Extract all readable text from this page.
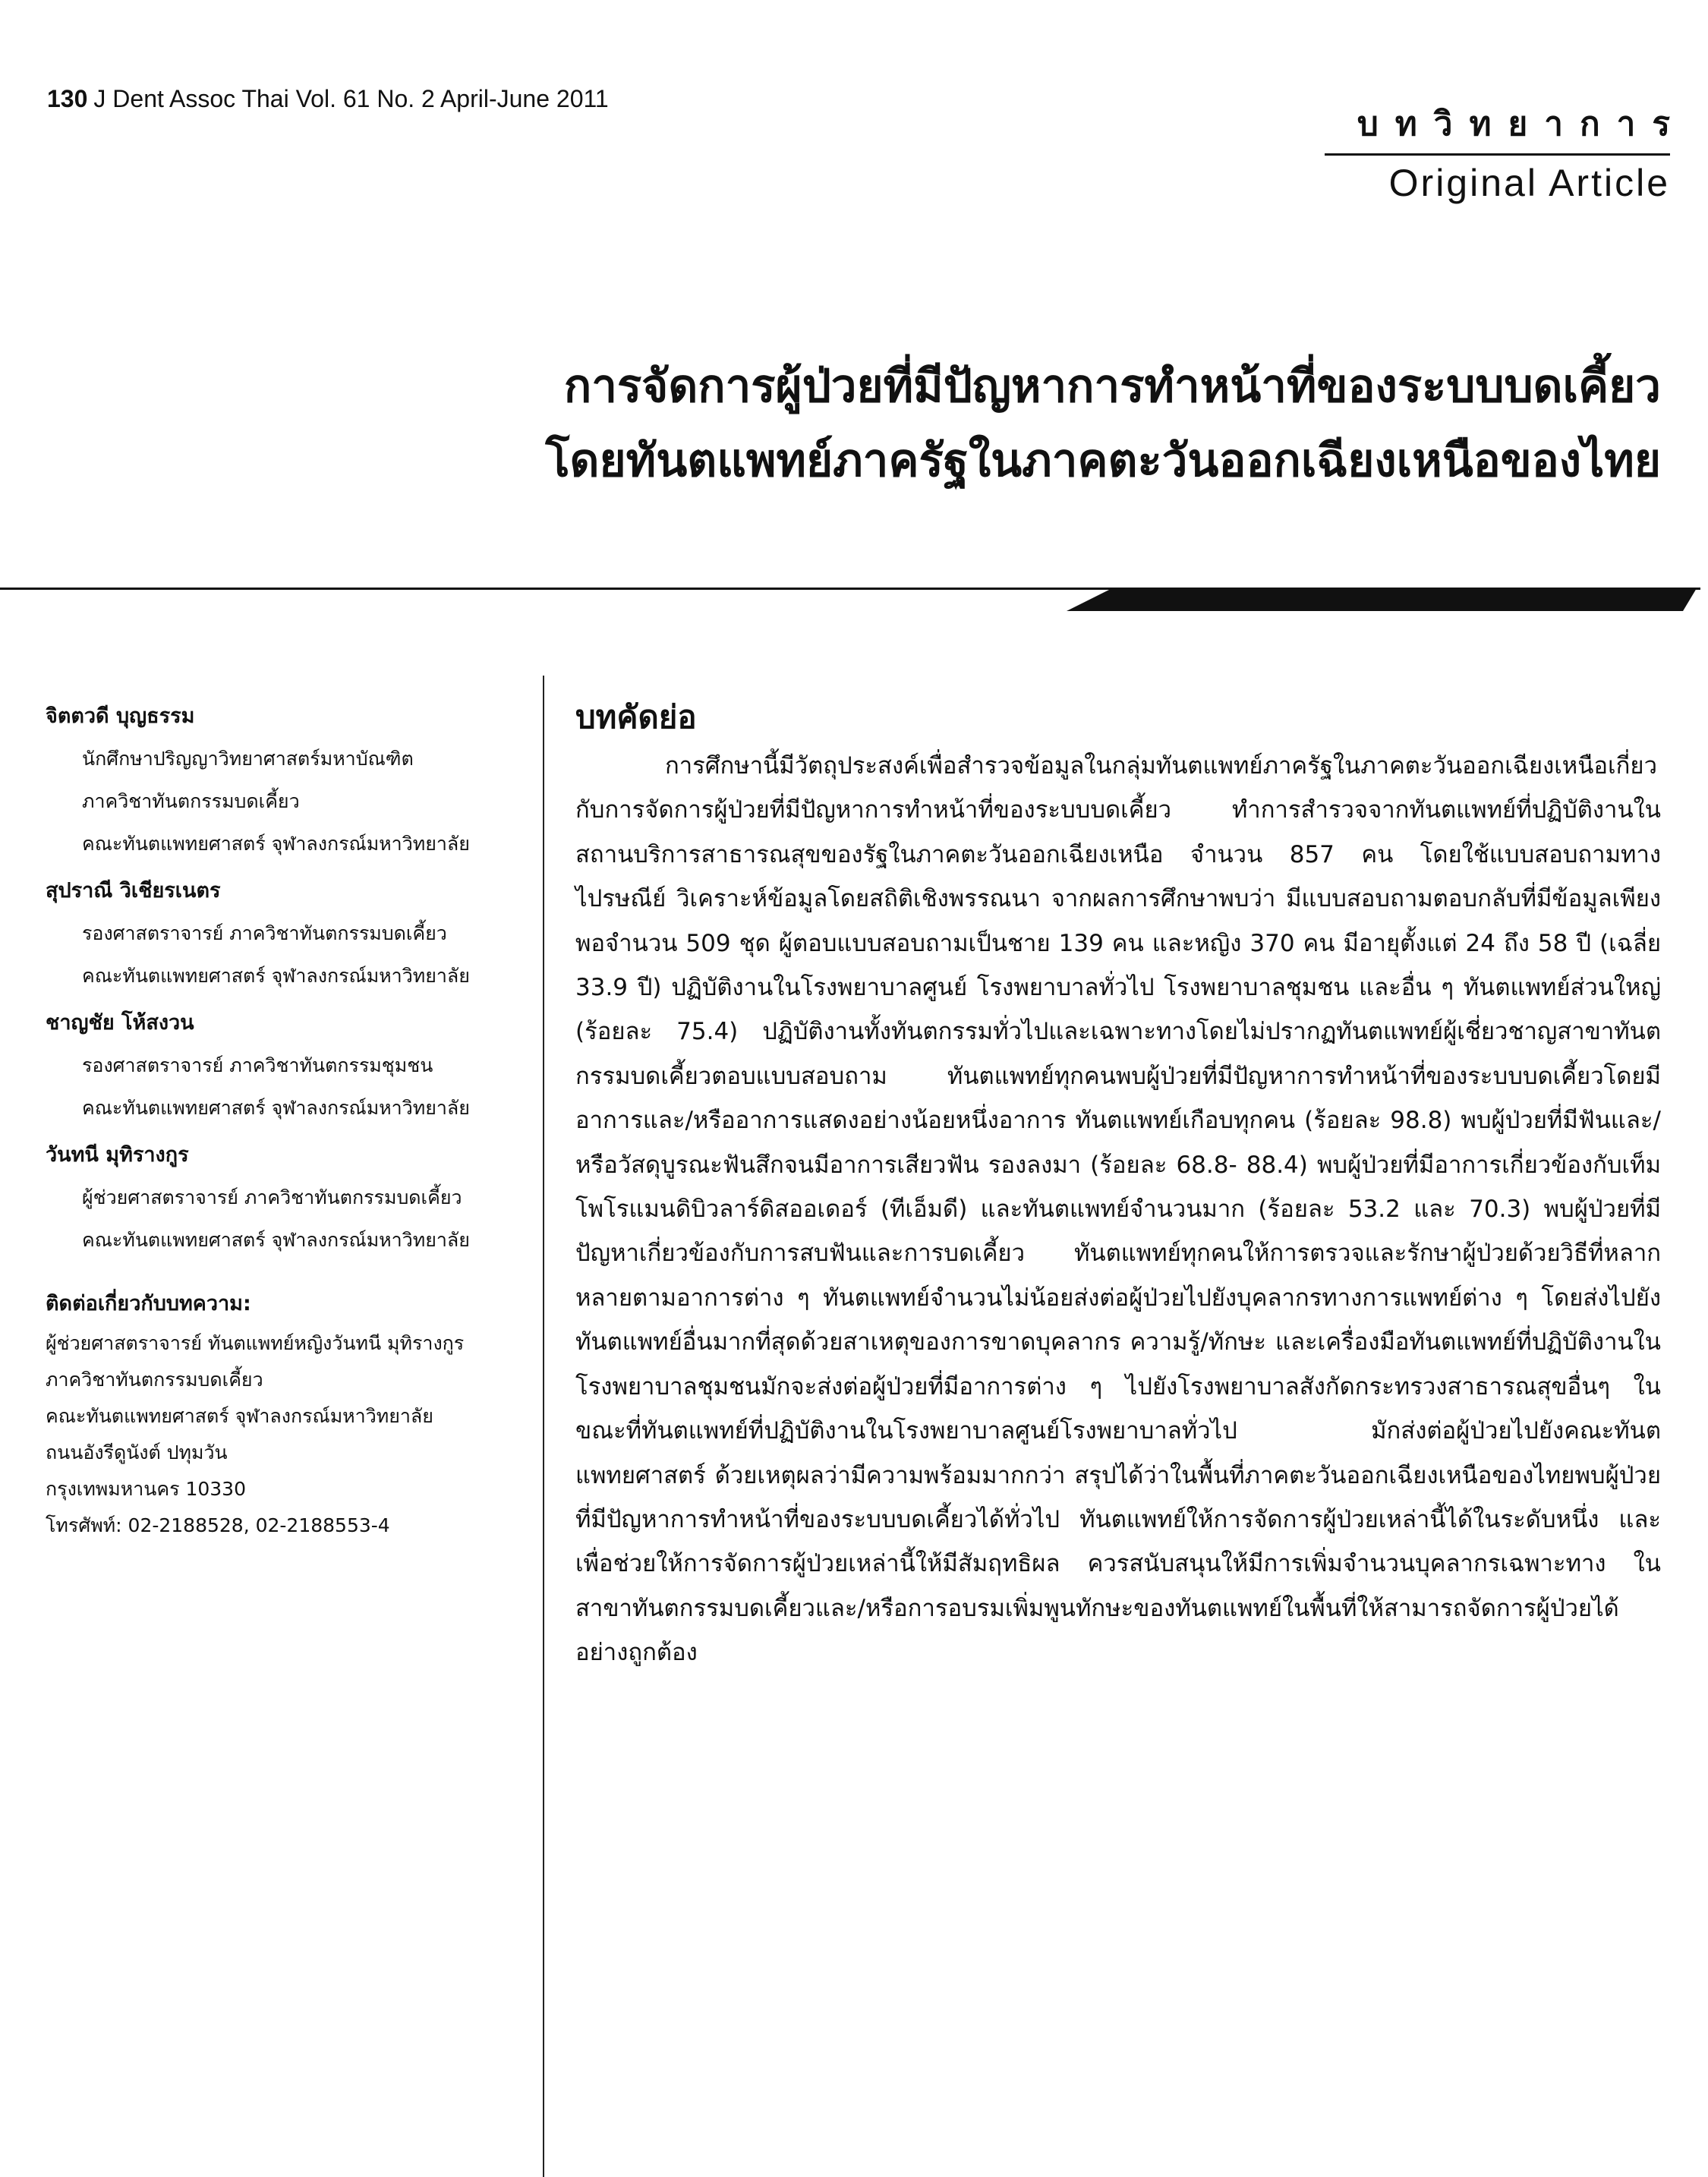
130 J Dent Assoc Thai Vol. 61 No. 2 April-June 2011
บทวิทยาการ
Original Article
การจัดการผู้ป่วยที่มีปัญหาการทำหน้าที่ของระบบบดเคี้ยว
โดยทันตแพทย์ภาครัฐในภาคตะวันออกเฉียงเหนือของไทย
จิตตวดี บุญธรรม
นักศึกษาปริญญาวิทยาศาสตร์มหาบัณฑิต
ภาควิชาทันตกรรมบดเคี้ยว
คณะทันตแพทยศาสตร์ จุฬาลงกรณ์มหาวิทยาลัย
สุปราณี วิเชียรเนตร
รองศาสตราจารย์ ภาควิชาทันตกรรมบดเคี้ยว
คณะทันตแพทยศาสตร์ จุฬาลงกรณ์มหาวิทยาลัย
ชาญชัย โห้สงวน
รองศาสตราจารย์ ภาควิชาทันตกรรมชุมชน
คณะทันตแพทยศาสตร์ จุฬาลงกรณ์มหาวิทยาลัย
วันทนี มุทิรางกูร
ผู้ช่วยศาสตราจารย์ ภาควิชาทันตกรรมบดเคี้ยว
คณะทันตแพทยศาสตร์ จุฬาลงกรณ์มหาวิทยาลัย
ติดต่อเกี่ยวกับบทความ:
ผู้ช่วยศาสตราจารย์ ทันตแพทย์หญิงวันทนี มุทิรางกูร
ภาควิชาทันตกรรมบดเคี้ยว
คณะทันตแพทยศาสตร์ จุฬาลงกรณ์มหาวิทยาลัย
ถนนอังรีดูนังต์ ปทุมวัน
กรุงเทพมหานคร 10330
โทรศัพท์: 02-2188528, 02-2188553-4
บทคัดย่อ
การศึกษานี้มีวัตถุประสงค์เพื่อสำรวจข้อมูลในกลุ่มทันตแพทย์ภาครัฐในภาคตะวันออกเฉียงเหนือเกี่ยวกับการจัดการผู้ป่วยที่มีปัญหาการทำหน้าที่ของระบบบดเคี้ยว ทำการสำรวจจากทันตแพทย์ที่ปฏิบัติงานในสถานบริการสาธารณสุขของรัฐในภาคตะวันออกเฉียงเหนือ จำนวน 857 คน โดยใช้แบบสอบถามทางไปรษณีย์ วิเคราะห์ข้อมูลโดยสถิติเชิงพรรณนา จากผลการศึกษาพบว่า มีแบบสอบถามตอบกลับที่มีข้อมูลเพียงพอจำนวน 509 ชุด ผู้ตอบแบบสอบถามเป็นชาย 139 คน และหญิง 370 คน มีอายุตั้งแต่ 24 ถึง 58 ปี (เฉลี่ย 33.9 ปี) ปฏิบัติงานในโรงพยาบาลศูนย์ โรงพยาบาลทั่วไป โรงพยาบาลชุมชน และอื่น ๆ ทันตแพทย์ส่วนใหญ่ (ร้อยละ 75.4) ปฏิบัติงานทั้งทันตกรรมทั่วไปและเฉพาะทางโดยไม่ปรากฏทันตแพทย์ผู้เชี่ยวชาญสาขาทันตกรรมบดเคี้ยวตอบแบบสอบถาม ทันตแพทย์ทุกคนพบผู้ป่วยที่มีปัญหาการทำหน้าที่ของระบบบดเคี้ยวโดยมีอาการและ/หรืออาการแสดงอย่างน้อยหนึ่งอาการ ทันตแพทย์เกือบทุกคน (ร้อยละ 98.8) พบผู้ป่วยที่มีฟันและ/หรือวัสดุบูรณะฟันสึกจนมีอาการเสียวฟัน รองลงมา (ร้อยละ 68.8- 88.4) พบผู้ป่วยที่มีอาการเกี่ยวข้องกับเท็มโพโรแมนดิบิวลาร์ดิสออเดอร์ (ทีเอ็มดี) และทันตแพทย์จำนวนมาก (ร้อยละ 53.2 และ 70.3) พบผู้ป่วยที่มีปัญหาเกี่ยวข้องกับการสบฟันและการบดเคี้ยว ทันตแพทย์ทุกคนให้การตรวจและรักษาผู้ป่วยด้วยวิธีที่หลากหลายตามอาการต่าง ๆ ทันตแพทย์จำนวนไม่น้อยส่งต่อผู้ป่วยไปยังบุคลากรทางการแพทย์ต่าง ๆ โดยส่งไปยังทันตแพทย์อื่นมากที่สุดด้วยสาเหตุของการขาดบุคลากร ความรู้/ทักษะ และเครื่องมือทันตแพทย์ที่ปฏิบัติงานในโรงพยาบาลชุมชนมักจะส่งต่อผู้ป่วยที่มีอาการต่าง ๆ ไปยังโรงพยาบาลสังกัดกระทรวงสาธารณสุขอื่นๆ ในขณะที่ทันตแพทย์ที่ปฏิบัติงานในโรงพยาบาลศูนย์โรงพยาบาลทั่วไป มักส่งต่อผู้ป่วยไปยังคณะทันตแพทยศาสตร์ ด้วยเหตุผลว่ามีความพร้อมมากกว่า สรุปได้ว่าในพื้นที่ภาคตะวันออกเฉียงเหนือของไทยพบผู้ป่วยที่มีปัญหาการทำหน้าที่ของระบบบดเคี้ยวได้ทั่วไป ทันตแพทย์ให้การจัดการผู้ป่วยเหล่านี้ได้ในระดับหนึ่ง และเพื่อช่วยให้การจัดการผู้ป่วยเหล่านี้ให้มีสัมฤทธิผล ควรสนับสนุนให้มีการเพิ่มจำนวนบุคลากรเฉพาะทาง ในสาขาทันตกรรมบดเคี้ยวและ/หรือการอบรมเพิ่มพูนทักษะของทันตแพทย์ในพื้นที่ให้สามารถจัดการผู้ป่วยได้อย่างถูกต้อง
